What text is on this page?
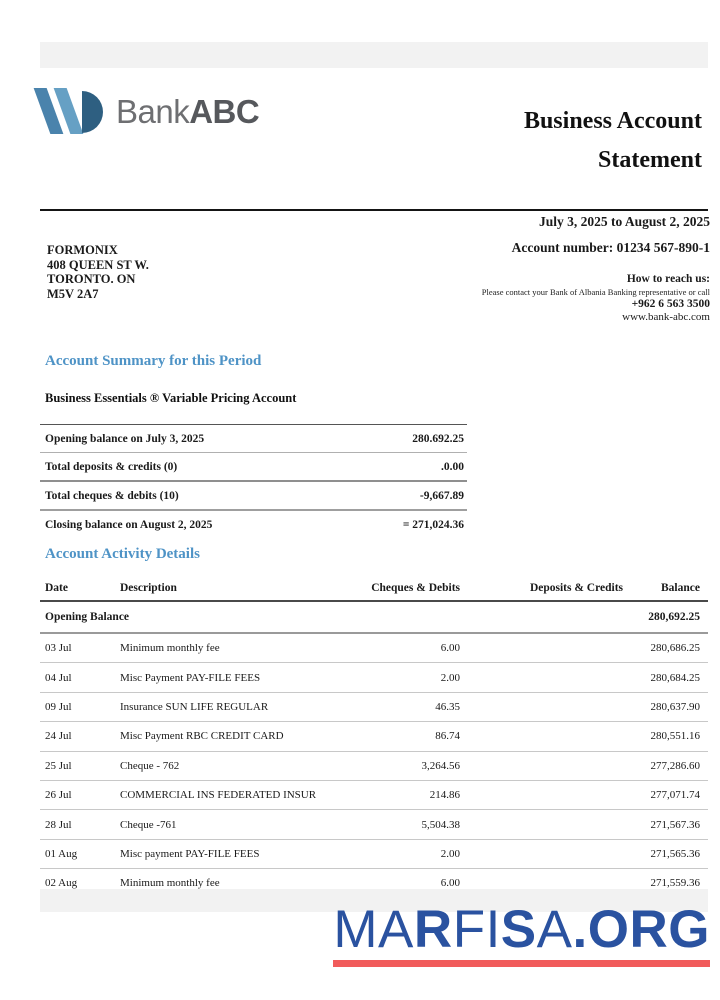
BankABC	Business Account
Statement
FORMONIX
408 QUEEN ST W.
TORONTO. ON
M5V 2A7
July 3, 2025 to August 2, 2025
Account number: 01234 567-890-1
How to reach us:
Please contact your Bank of Albania Banking representative or call
+962 6 563 3500
www.bank-abc.com
Account Summary for this Period
Business Essentials ® Variable Pricing Account
Opening balance on July 3, 2025	280.692.25
Total deposits & credits (0)	.0.00
Total cheques & debits (10)	-9,667.89
Closing balance on August 2, 2025	= 271,024.36
Account Activity Details
Date	Description	Cheques & Debits	Deposits & Credits	Balance
Opening Balance				280,692.25
03 Jul	Minimum monthly fee	6.00		280,686.25
04 Jul	Misc Payment PAY-FILE FEES	2.00		280,684.25
09 Jul	Insurance SUN LIFE REGULAR	46.35		280,637.90
24 Jul	Misc Payment RBC CREDIT CARD	86.74		280,551.16
25 Jul	Cheque - 762	3,264.56		277,286.60
26 Jul	COMMERCIAL INS FEDERATED INSUR	214.86		277,071.74
28 Jul	Cheque -761	5,504.38		271,567.36
01 Aug	Misc payment PAY-FILE FEES	2.00		271,565.36
02 Aug	Minimum monthly fee	6.00		271,559.36
MARFISA.ORG
